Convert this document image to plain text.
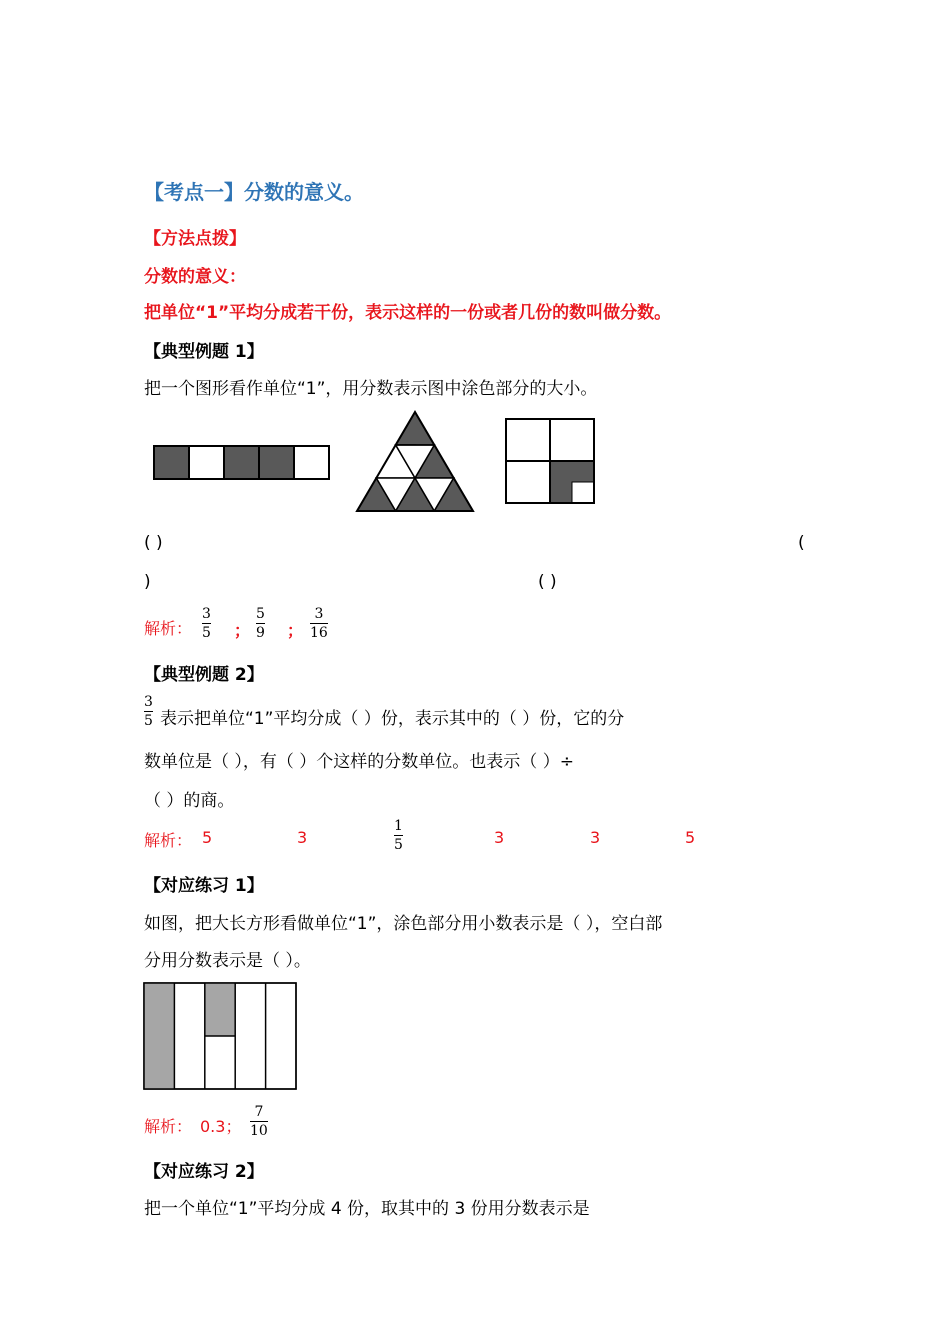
【考点一】分数的意义。
【方法点拨】
分数的意义：
把单位“1”平均分成若干份，表示这样的一份或者几份的数叫做分数。
【典型例题 1】
把一个图形看作单位“1”，用分数表示图中涂色部分的大小。
( )	(
)	( )
解析：
3
5 ；
5
9 ；
3
16
【典型例题 2】
3
5 表示把单位“1”平均分成（ ）份，表示其中的（ ）份，它的分
数单位是（ ），有（ ）个这样的分数单位。也表示（ ）÷
（ ）的商。
解析： 5	3
1
5	3	3	5
【对应练习 1】
如图，把大长方形看做单位“1”，涂色部分用小数表示是（ ），空白部
分用分数表示是（ ）。
解析： 0.3；
7
10
【对应练习 2】
把一个单位“1”平均分成 4 份，取其中的 3 份用分数表示是
